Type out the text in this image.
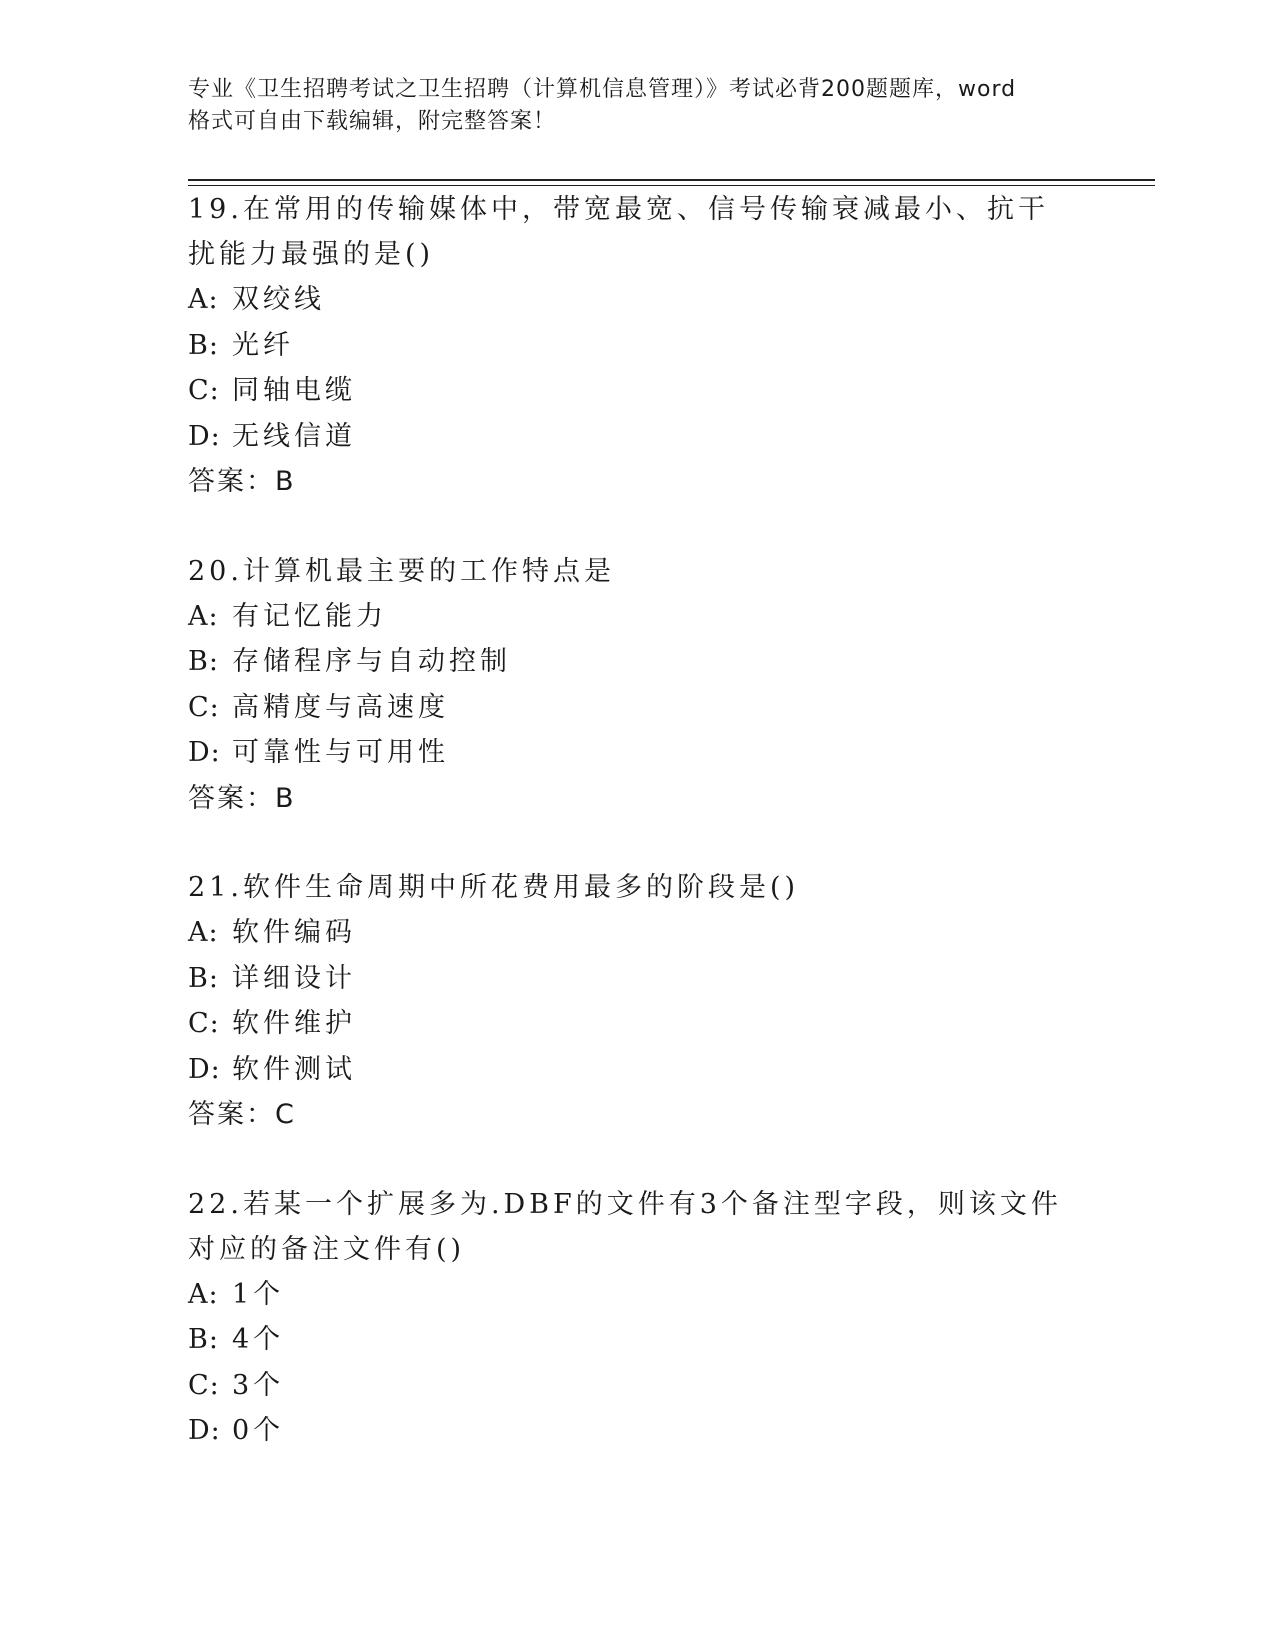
专业《卫生招聘考试之卫生招聘（计算机信息管理）》考试必背200题题库，word
格式可自由下载编辑，附完整答案！
19.在常用的传输媒体中，带宽最宽、信号传输衰减最小、抗干扰能力最强的是()
A: 双绞线
B: 光纤
C: 同轴电缆
D: 无线信道
答案：B
20.计算机最主要的工作特点是
A: 有记忆能力
B: 存储程序与自动控制
C: 高精度与高速度
D: 可靠性与可用性
答案：B
21.软件生命周期中所花费用最多的阶段是()
A: 软件编码
B: 详细设计
C: 软件维护
D: 软件测试
答案：C
22.若某一个扩展多为.DBF的文件有3个备注型字段，则该文件对应的备注文件有()
A: 1个
B: 4个
C: 3个
D: 0个
